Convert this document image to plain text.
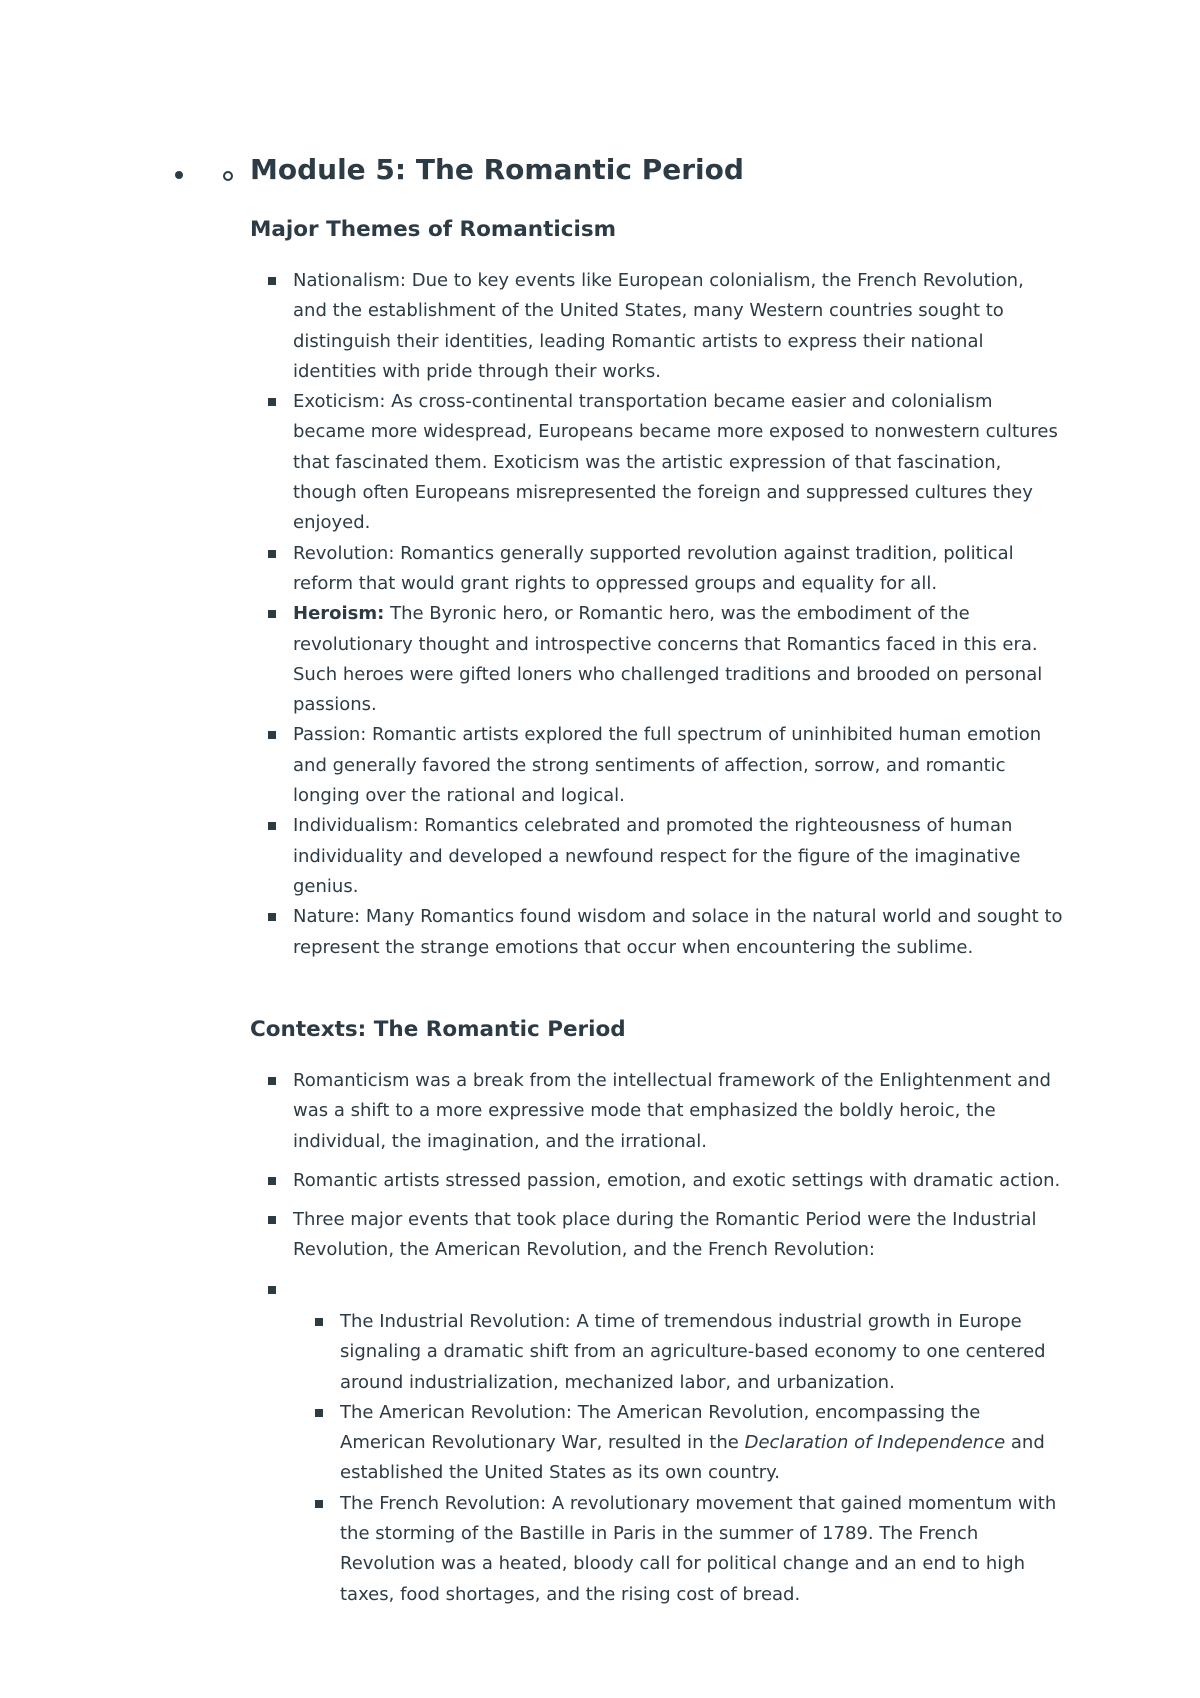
Module 5: The Romantic Period
Major Themes of Romanticism
Nationalism: Due to key events like European colonialism, the French Revolution, and the establishment of the United States, many Western countries sought to distinguish their identities, leading Romantic artists to express their national identities with pride through their works.
Exoticism: As cross-continental transportation became easier and colonialism became more widespread, Europeans became more exposed to nonwestern cultures that fascinated them. Exoticism was the artistic expression of that fascination, though often Europeans misrepresented the foreign and suppressed cultures they enjoyed.
Revolution: Romantics generally supported revolution against tradition, political reform that would grant rights to oppressed groups and equality for all.
Heroism: The Byronic hero, or Romantic hero, was the embodiment of the revolutionary thought and introspective concerns that Romantics faced in this era. Such heroes were gifted loners who challenged traditions and brooded on personal passions.
Passion: Romantic artists explored the full spectrum of uninhibited human emotion and generally favored the strong sentiments of affection, sorrow, and romantic longing over the rational and logical.
Individualism: Romantics celebrated and promoted the righteousness of human individuality and developed a newfound respect for the figure of the imaginative genius.
Nature: Many Romantics found wisdom and solace in the natural world and sought to represent the strange emotions that occur when encountering the sublime.
Contexts: The Romantic Period
Romanticism was a break from the intellectual framework of the Enlightenment and was a shift to a more expressive mode that emphasized the boldly heroic, the individual, the imagination, and the irrational.
Romantic artists stressed passion, emotion, and exotic settings with dramatic action.
Three major events that took place during the Romantic Period were the Industrial Revolution, the American Revolution, and the French Revolution:
The Industrial Revolution: A time of tremendous industrial growth in Europe signaling a dramatic shift from an agriculture-based economy to one centered around industrialization, mechanized labor, and urbanization.
The American Revolution: The American Revolution, encompassing the American Revolutionary War, resulted in the Declaration of Independence and established the United States as its own country.
The French Revolution: A revolutionary movement that gained momentum with the storming of the Bastille in Paris in the summer of 1789. The French Revolution was a heated, bloody call for political change and an end to high taxes, food shortages, and the rising cost of bread.
